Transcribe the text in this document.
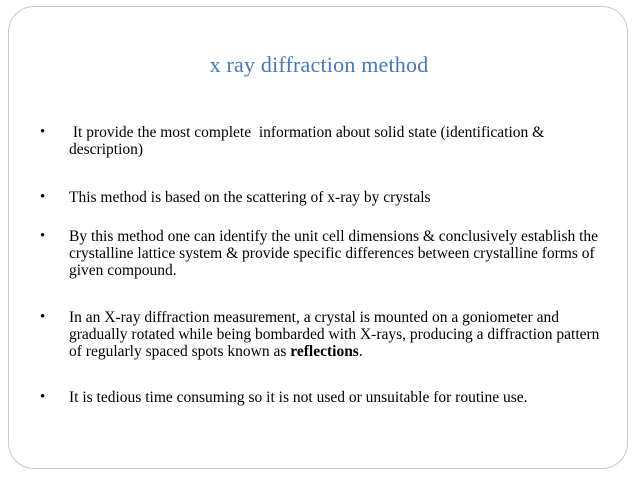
x ray diffraction method
• It provide the most complete  information about solid state (identification & description)
• This method is based on the scattering of x-ray by crystals
• By this method one can identify the unit cell dimensions & conclusively establish the crystalline lattice system & provide specific differences between crystalline forms of given compound.
• In an X-ray diffraction measurement, a crystal is mounted on a goniometer and gradually rotated while being bombarded with X-rays, producing a diffraction pattern of regularly spaced spots known as reflections.
• It is tedious time consuming so it is not used or unsuitable for routine use.
